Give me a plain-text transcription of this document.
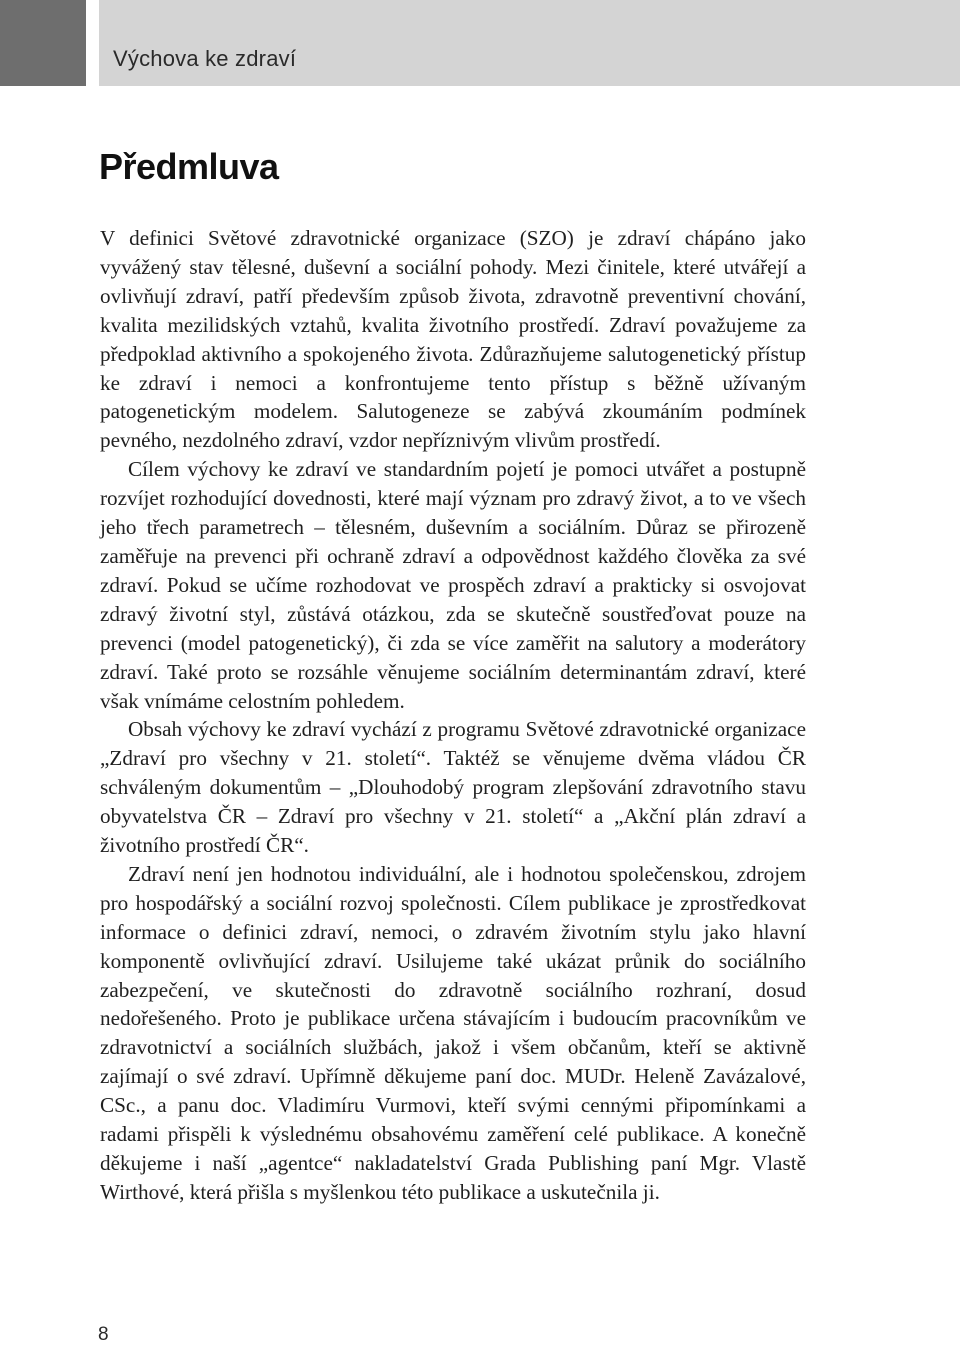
Výchova ke zdraví
Předmluva

V definici Světové zdravotnické organizace (SZO) je zdraví chápáno jako vyvážený stav tělesné, duševní a sociální pohody. Mezi činitele, které utvářejí a ovlivňují zdraví, patří především způsob života, zdravotně preventivní chování, kvalita mezilidských vztahů, kvalita životního prostředí. Zdraví považujeme za předpoklad aktivního a spokojeného života. Zdůrazňujeme salutogenetický přístup ke zdraví i nemoci a konfrontujeme tento přístup s běžně užívaným patogenetickým modelem. Salutogeneze se zabývá zkoumáním podmínek pevného, nezdolného zdraví, vzdor nepříznivým vlivům prostředí.

Cílem výchovy ke zdraví ve standardním pojetí je pomoci utvářet a postupně rozvíjet rozhodující dovednosti, které mají význam pro zdravý život, a to ve všech jeho třech parametrech – tělesném, duševním a sociálním. Důraz se přirozeně zaměřuje na prevenci při ochraně zdraví a odpovědnost každého člověka za své zdraví. Pokud se učíme rozhodovat ve prospěch zdraví a prakticky si osvojovat zdravý životní styl, zůstává otázkou, zda se skutečně soustřeďovat pouze na prevenci (model patogenetický), či zda se více zaměřit na salutory a moderátory zdraví. Také proto se rozsáhle věnujeme sociálním determinantám zdraví, které však vnímáme celostním pohledem.

Obsah výchovy ke zdraví vychází z programu Světové zdravotnické organizace „Zdraví pro všechny v 21. století“. Taktéž se věnujeme dvěma vládou ČR schváleným dokumentům – „Dlouhodobý program zlepšování zdravotního stavu obyvatelstva ČR – Zdraví pro všechny v 21. století“ a „Akční plán zdraví a životního prostředí ČR“.

Zdraví není jen hodnotou individuální, ale i hodnotou společenskou, zdrojem pro hospodářský a sociální rozvoj společnosti. Cílem publikace je zprostředkovat informace o definici zdraví, nemoci, o zdravém životním stylu jako hlavní komponentě ovlivňující zdraví. Usilujeme také ukázat průnik do sociálního zabezpečení, ve skutečnosti do zdravotně sociálního rozhraní, dosud nedořešeného. Proto je publikace určena stávajícím i budoucím pracovníkům ve zdravotnictví a sociálních službách, jakož i všem občanům, kteří se aktivně zajímají o své zdraví. Upřímně děkujeme paní doc. MUDr. Heleně Zavázalové, CSc., a panu doc. Vladimíru Vurmovi, kteří svými cennými připomínkami a radami přispěli k výslednému obsahovému zaměření celé publikace. A konečně děkujeme i naší „agentce“ nakladatelství Grada Publishing paní Mgr. Vlastě Wirthové, která přišla s myšlenkou této publikace a uskutečnila ji.

8
